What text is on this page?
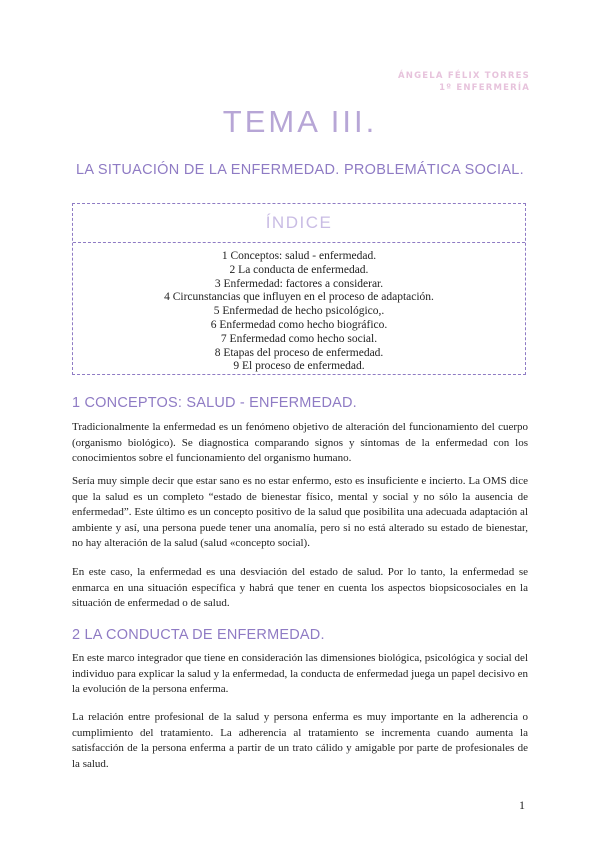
ÁNGELA FÉLIX TORRES
1º ENFERMERÍA
TEMA III.
LA SITUACIÓN DE LA ENFERMEDAD. PROBLEMÁTICA SOCIAL.
ÍNDICE
1 Conceptos: salud - enfermedad.
2 La conducta de enfermedad.
3 Enfermedad: factores a considerar.
4 Circunstancias que influyen en el proceso de adaptación.
5 Enfermedad de hecho psicológico,.
6 Enfermedad como hecho biográfico.
7 Enfermedad como hecho social.
8 Etapas del proceso de enfermedad.
9 El proceso de enfermedad.
1 CONCEPTOS: SALUD - ENFERMEDAD.

Tradicionalmente la enfermedad es un fenómeno objetivo de alteración del funcionamiento del cuerpo (organismo biológico). Se diagnostica comparando signos y síntomas de la enfermedad con los conocimientos sobre el funcionamiento del organismo humano.

Sería muy simple decir que estar sano es no estar enfermo, esto es insuficiente e incierto. La OMS dice que la salud es un completo “estado de bienestar físico, mental y social y no sólo la ausencia de enfermedad”. Este último es un concepto positivo de la salud que posibilita una adecuada adaptación al ambiente y así, una persona puede tener una anomalía, pero si no está alterado su estado de bienestar, no hay alteración de la salud (salud «concepto social).

En este caso, la enfermedad es una desviación del estado de salud. Por lo tanto, la enfermedad se enmarca en una situación específica y habrá que tener en cuenta los aspectos biopsicosociales en la situación de enfermedad o de salud.

2 LA CONDUCTA DE ENFERMEDAD.

En este marco integrador que tiene en consideración las dimensiones biológica, psicológica y social del individuo para explicar la salud y la enfermedad, la conducta de enfermedad juega un papel decisivo en la evolución de la persona enferma.

La relación entre profesional de la salud y persona enferma es muy importante en la adherencia o cumplimiento del tratamiento. La adherencia al tratamiento se incrementa cuando aumenta la satisfacción de la persona enferma a partir de un trato cálido y amigable por parte de profesionales de la salud.

1
